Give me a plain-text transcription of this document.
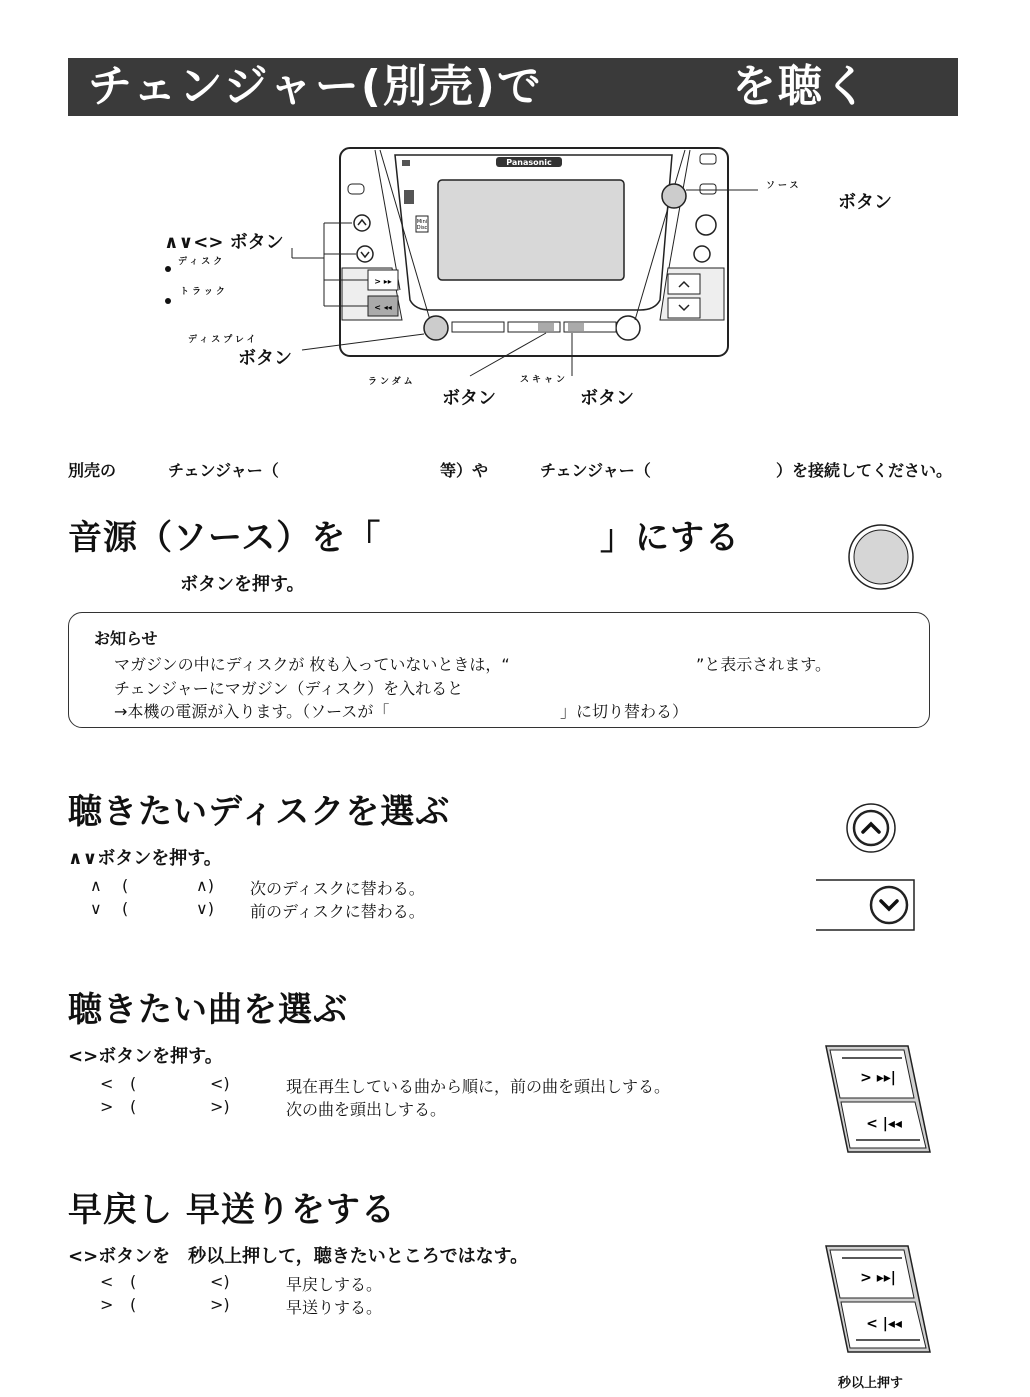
チェンジャー(別売)で	を聴く
Panasonic
Mini
Disc
> ▸▸
< ◂◂
ソース
ボタン
∧∨<> ボタン
ディスク
トラック
ディスプレイ
ボタン
ランダム
ボタン
スキャン
ボタン
別売の	チェンジャー（	等）や	チェンジャー（	）を接続してください。
音源（ソース）を「	」にする
ボタンを押す。
お知らせ
マガジンの中にディスクが 枚も入っていないときは，“	”と表示されます。
チェンジャーにマガジン（ディスク）を入れると
→本機の電源が入ります。（ソースが「	」に切り替わる）
聴きたいディスクを選ぶ
∧∨ボタンを押す。
∧ (	∧) 次のディスクに替わる。
∨ (	∨) 前のディスクに替わる。
聴きたい曲を選ぶ
<>ボタンを押す。
< (	<)	現在再生している曲から順に，前の曲を頭出しする。
> (	>)	次の曲を頭出しする。
> ▸▸|
< |◂◂
早戻し 早送りをする
<>ボタンを　秒以上押して，聴きたいところではなす。
< (	<)	早戻しする。
> (	>)	早送りする。
> ▸▸|
< |◂◂
秒以上押す
